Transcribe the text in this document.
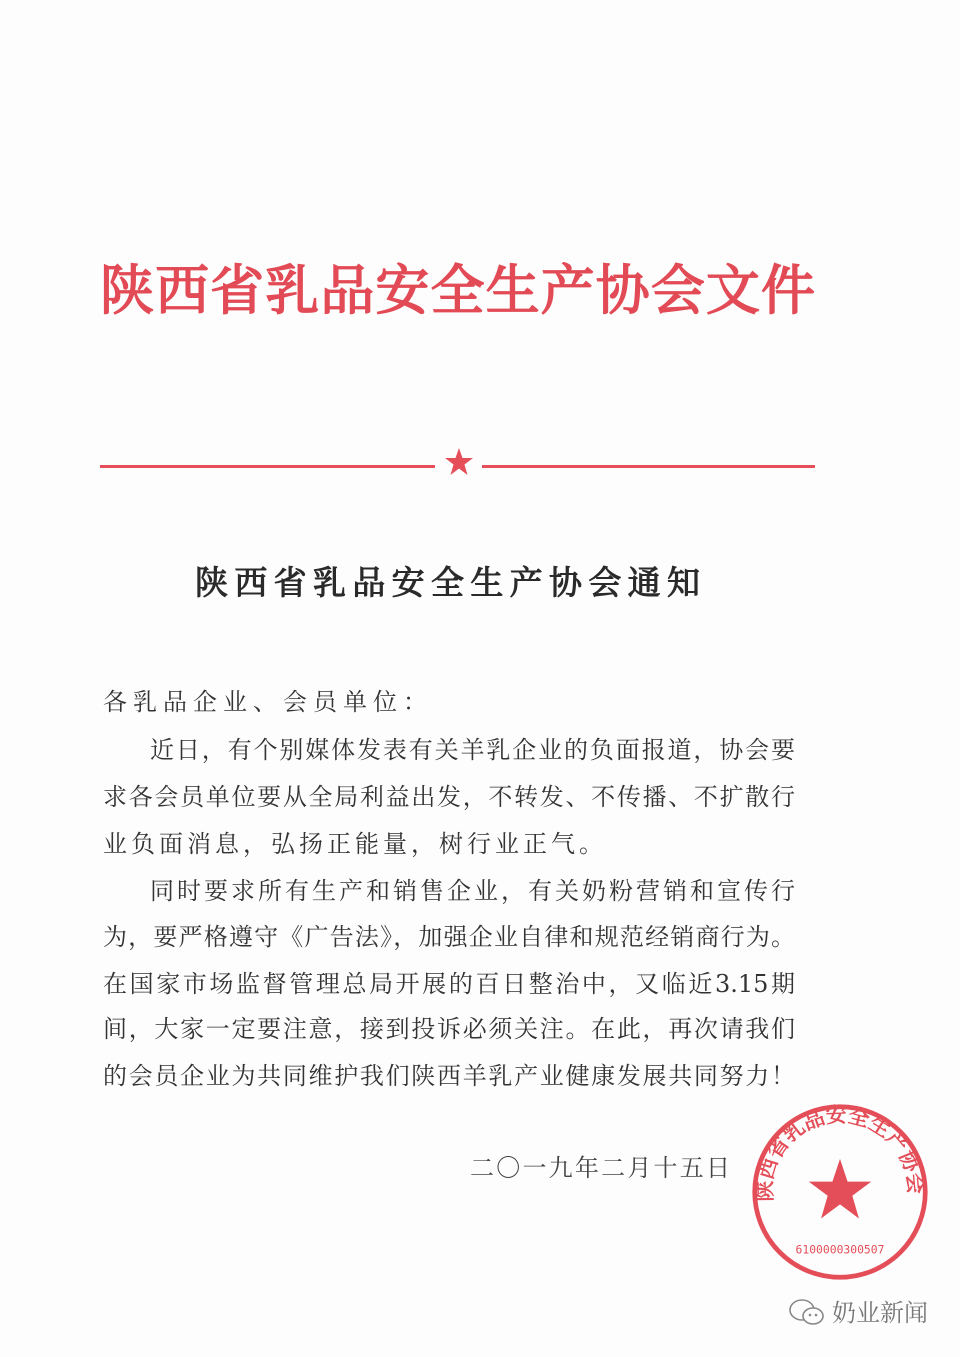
陕西省乳品安全生产协会文件
陕西省乳品安全生产协会通知
各乳品企业、会员单位：
近日，有个别媒体发表有关羊乳企业的负面报道，协会要
求各会员单位要从全局利益出发，不转发、不传播、不扩散行
业负面消息，弘扬正能量，树行业正气。
同时要求所有生产和销售企业，有关奶粉营销和宣传行
为，要严格遵守《广告法》，加强企业自律和规范经销商行为。
在国家市场监督管理总局开展的百日整治中，又临近3.15期
间，大家一定要注意，接到投诉必须关注。在此，再次请我们
的会员企业为共同维护我们陕西羊乳产业健康发展共同努力！
二〇一九年二月十五日
陕西省乳品安全生产协会
6100000300507
奶业新闻
